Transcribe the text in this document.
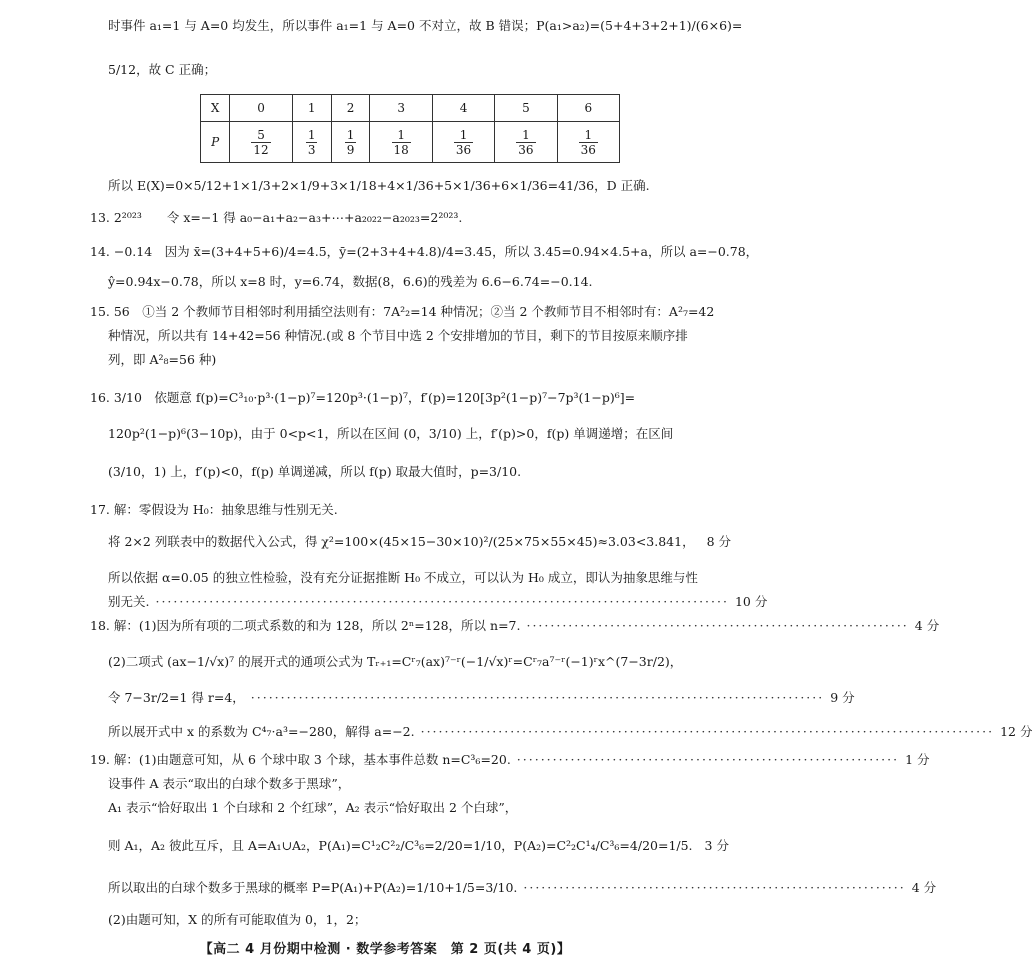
时事件 a₁=1 与 A=0 均发生，所以事件 a₁=1 与 A=0 不对立，故 B 错误；P(a₁>a₂)=(5+4+3+2+1)/(6×6)=
5/12，故 C 正确；
X	0	1	2	3	4	5	6
P	$\frac{5}{12}$	$\frac{1}{3}$	$\frac{1}{9}$	$\frac{1}{18}$	$\frac{1}{36}$	$\frac{1}{36}$	$\frac{1}{36}$
所以 E(X)=0×5/12+1×1/3+2×1/9+3×1/18+4×1/36+5×1/36+6×1/36=41/36，D 正确.
13. 2²⁰²³　　令 x=−1 得 a₀−a₁+a₂−a₃+⋯+a₂₀₂₂−a₂₀₂₃=2²⁰²³.
14. −0.14　因为 x̄=(3+4+5+6)/4=4.5，ȳ=(2+3+4+4.8)/4=3.45，所以 3.45=0.94×4.5+a，所以 a=−0.78，
ŷ=0.94x−0.78，所以 x=8 时，y=6.74，数据(8，6.6)的残差为 6.6−6.74=−0.14.
15. 56　①当 2 个教师节目相邻时利用插空法则有：7A²₂=14 种情况；②当 2 个教师节目不相邻时有：A²₇=42
种情况，所以共有 14+42=56 种情况.(或 8 个节目中选 2 个安排增加的节目，剩下的节目按原来顺序排
列，即 A²₈=56 种)
16. 3/10　依题意 f(p)=C³₁₀·p³·(1−p)⁷=120p³·(1−p)⁷，f′(p)=120[3p²(1−p)⁷−7p³(1−p)⁶]=
120p²(1−p)⁶(3−10p)，由于 0<p<1，所以在区间 (0，3/10) 上，f′(p)>0，f(p) 单调递增；在区间
(3/10，1) 上，f′(p)<0，f(p) 单调递减，所以 f(p) 取最大值时，p=3/10.
17. 解：零假设为 H₀：抽象思维与性别无关.
将 2×2 列联表中的数据代入公式，得 χ²=100×(45×15−30×10)²/(25×75×55×45)≈3.03<3.841， 8 分
所以依据 α=0.05 的独立性检验，没有充分证据推断 H₀ 不成立，可以认为 H₀ 成立，即认为抽象思维与性
别无关. ································································································ 10 分
18. 解：(1)因为所有项的二项式系数的和为 128，所以 2ⁿ=128，所以 n=7. ································································ 4 分
(2)二项式 (ax−1/√x)⁷ 的展开式的通项公式为 Tᵣ₊₁=Cʳ₇(ax)⁷⁻ʳ(−1/√x)ʳ=Cʳ₇a⁷⁻ʳ(−1)ʳx^(7−3r/2)，
令 7−3r/2=1 得 r=4， ································································································ 9 分
所以展开式中 x 的系数为 C⁴₇·a³=−280，解得 a=−2. ································································································ 12 分
19. 解：(1)由题意可知，从 6 个球中取 3 个球，基本事件总数 n=C³₆=20. ································································ 1 分
设事件 A 表示“取出的白球个数多于黑球”，
A₁ 表示“恰好取出 1 个白球和 2 个红球”，A₂ 表示“恰好取出 2 个白球”，
则 A₁，A₂ 彼此互斥，且 A=A₁∪A₂，P(A₁)=C¹₂C²₂/C³₆=2/20=1/10，P(A₂)=C²₂C¹₄/C³₆=4/20=1/5. 3 分
所以取出的白球个数多于黑球的概率 P=P(A₁)+P(A₂)=1/10+1/5=3/10. ································································ 4 分
(2)由题可知，X 的所有可能取值为 0，1，2；
【高二 4 月份期中检测 · 数学参考答案　第 2 页(共 4 页)】
